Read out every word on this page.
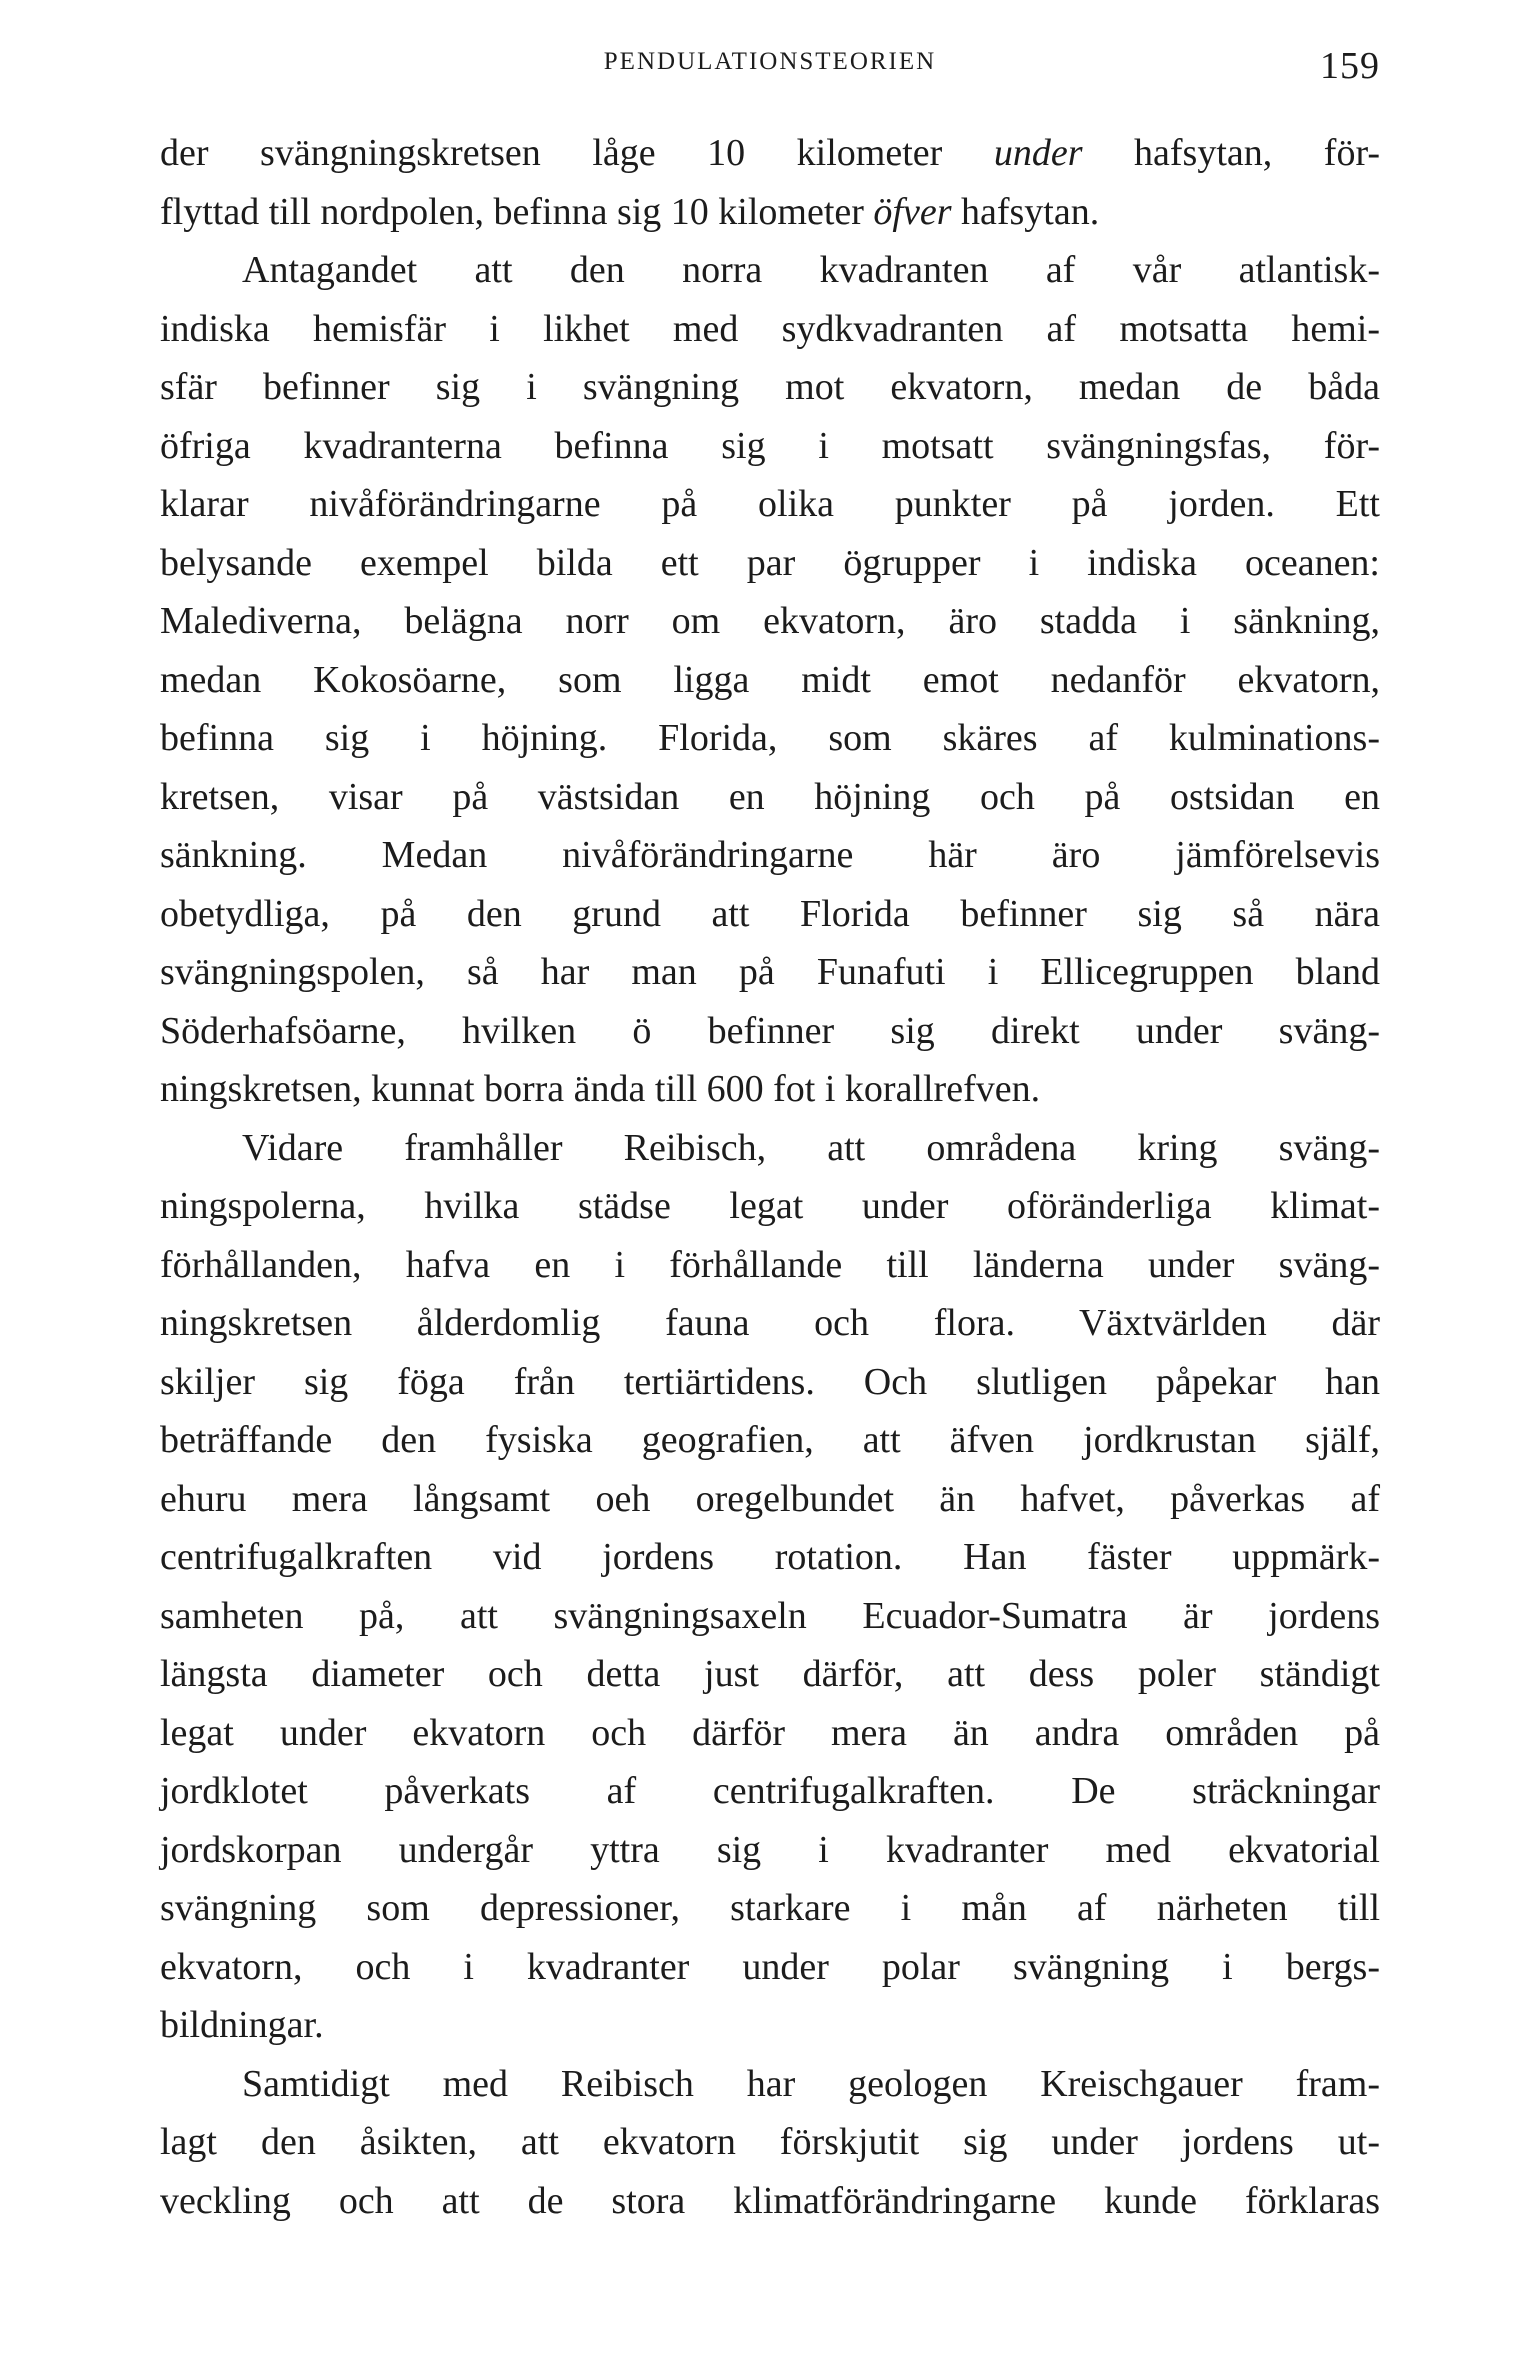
PENDULATIONSTEORIEN	159
der svängningskretsen låge 10 kilometer under hafsytan, för-
flyttad till nordpolen, befinna sig 10 kilometer öfver hafsytan.
Antagandet att den norra kvadranten af vår atlantisk-
indiska hemisfär i likhet med sydkvadranten af motsatta hemi-
sfär befinner sig i svängning mot ekvatorn, medan de båda
öfriga kvadranterna befinna sig i motsatt svängningsfas, för-
klarar nivåförändringarne på olika punkter på jorden. Ett
belysande exempel bilda ett par ögrupper i indiska oceanen:
Malediverna, belägna norr om ekvatorn, äro stadda i sänkning,
medan Kokosöarne, som ligga midt emot nedanför ekvatorn,
befinna sig i höjning. Florida, som skäres af kulminations-
kretsen, visar på västsidan en höjning och på ostsidan en
sänkning. Medan nivåförändringarne här äro jämförelsevis
obetydliga, på den grund att Florida befinner sig så nära
svängningspolen, så har man på Funafuti i Ellicegruppen bland
Söderhafsöarne, hvilken ö befinner sig direkt under sväng-
ningskretsen, kunnat borra ända till 600 fot i korallrefven.
Vidare framhåller Reibisch, att områdena kring sväng-
ningspolerna, hvilka städse legat under oföränderliga klimat-
förhållanden, hafva en i förhållande till länderna under sväng-
ningskretsen ålderdomlig fauna och flora. Växtvärlden där
skiljer sig föga från tertiärtidens. Och slutligen påpekar han
beträffande den fysiska geografien, att äfven jordkrustan själf,
ehuru mera långsamt oeh oregelbundet än hafvet, påverkas af
centrifugalkraften vid jordens rotation. Han fäster uppmärk-
samheten på, att svängningsaxeln Ecuador-Sumatra är jordens
längsta diameter och detta just därför, att dess poler ständigt
legat under ekvatorn och därför mera än andra områden på
jordklotet påverkats af centrifugalkraften. De sträckningar
jordskorpan undergår yttra sig i kvadranter med ekvatorial
svängning som depressioner, starkare i mån af närheten till
ekvatorn, och i kvadranter under polar svängning i bergs-
bildningar.
Samtidigt med Reibisch har geologen Kreischgauer fram-
lagt den åsikten, att ekvatorn förskjutit sig under jordens ut-
veckling och att de stora klimatförändringarne kunde förklaras
